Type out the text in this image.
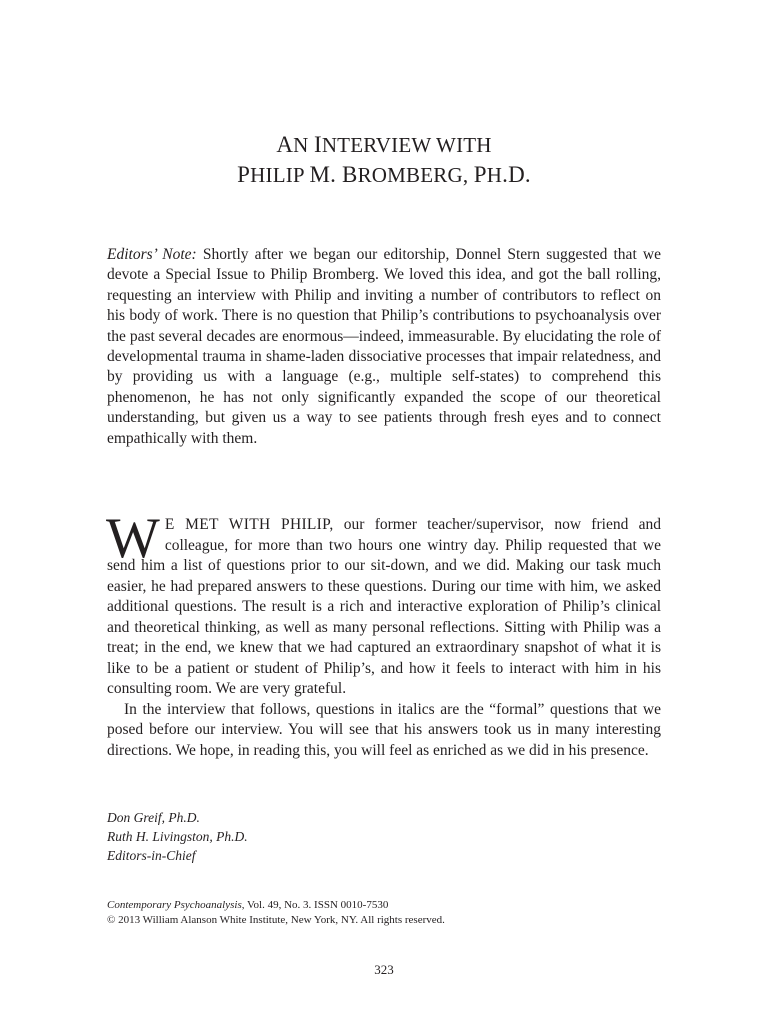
AN INTERVIEW WITH
PHILIP M. BROMBERG, PH.D.
Editors’ Note: Shortly after we began our editorship, Donnel Stern suggested that we devote a Special Issue to Philip Bromberg. We loved this idea, and got the ball rolling, requesting an interview with Philip and inviting a number of contributors to reflect on his body of work. There is no question that Philip’s contributions to psychoanalysis over the past several decades are enormous—indeed, immeasurable. By elucidating the role of developmental trauma in shame-laden dissociative processes that impair relatedness, and by providing us with a language (e.g., multiple self-states) to comprehend this phenomenon, he has not only significantly expanded the scope of our theoretical understanding, but given us a way to see patients through fresh eyes and to connect empathically with them.

W E MET WITH PHILIP, our former teacher/supervisor, now friend and colleague, for more than two hours one wintry day. Philip requested that we send him a list of questions prior to our sit-down, and we did. Making our task much easier, he had prepared answers to these questions. During our time with him, we asked additional questions. The result is a rich and interactive exploration of Philip’s clinical and theoretical thinking, as well as many personal reflections. Sitting with Philip was a treat; in the end, we knew that we had captured an extraordinary snapshot of what it is like to be a patient or student of Philip’s, and how it feels to interact with him in his consulting room. We are very grateful.

In the interview that follows, questions in italics are the “formal” questions that we posed before our interview. You will see that his answers took us in many interesting directions. We hope, in reading this, you will feel as enriched as we did in his presence.

Don Greif, Ph.D.
Ruth H. Livingston, Ph.D.
Editors-in-Chief
Contemporary Psychoanalysis, Vol. 49, No. 3. ISSN 0010-7530
© 2013 William Alanson White Institute, New York, NY. All rights reserved.
323
